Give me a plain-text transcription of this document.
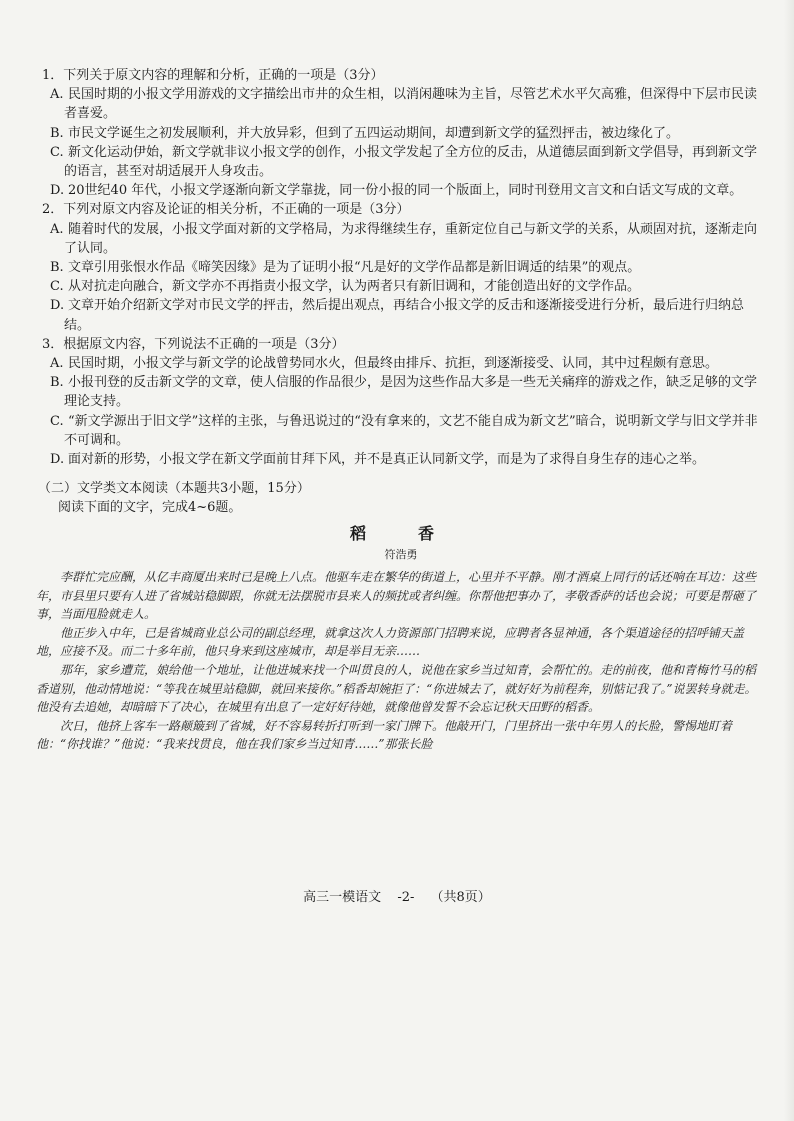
1．下列关于原文内容的理解和分析，正确的一项是（3分）

A. 民国时期的小报文学用游戏的文字描绘出市井的众生相，以消闲趣味为主旨，尽管艺术水平欠高雅，但深得中下层市民读者喜爱。

B. 市民文学诞生之初发展顺利，并大放异彩，但到了五四运动期间，却遭到新文学的猛烈抨击，被边缘化了。

C. 新文化运动伊始，新文学就非议小报文学的创作，小报文学发起了全方位的反击，从道德层面到新文学倡导，再到新文学的语言，甚至对胡适展开人身攻击。

D. 20世纪40 年代，小报文学逐渐向新文学靠拢，同一份小报的同一个版面上，同时刊登用文言文和白话文写成的文章。

2．下列对原文内容及论证的相关分析，不正确的一项是（3分）

A. 随着时代的发展，小报文学面对新的文学格局，为求得继续生存，重新定位自己与新文学的关系，从顽固对抗，逐渐走向了认同。

B. 文章引用张恨水作品《啼笑因缘》是为了证明小报“凡是好的文学作品都是新旧调适的结果”的观点。

C. 从对抗走向融合，新文学亦不再指责小报文学，认为两者只有新旧调和，才能创造出好的文学作品。

D. 文章开始介绍新文学对市民文学的抨击，然后提出观点，再结合小报文学的反击和逐渐接受进行分析，最后进行归纳总结。

3．根据原文内容，下列说法不正确的一项是（3分）

A. 民国时期，小报文学与新文学的论战曾势同水火，但最终由排斥、抗拒，到逐渐接受、认同，其中过程颇有意思。

B. 小报刊登的反击新文学的文章，使人信服的作品很少，是因为这些作品大多是一些无关痛痒的游戏之作，缺乏足够的文学理论支持。

C. “新文学源出于旧文学”这样的主张，与鲁迅说过的“没有拿来的，文艺不能自成为新文艺”暗合，说明新文学与旧文学并非不可调和。

D. 面对新的形势，小报文学在新文学面前甘拜下风，并不是真正认同新文学，而是为了求得自身生存的违心之举。

（二）文学类文本阅读（本题共3小题，15分）

阅读下面的文字，完成4~6题。

稻　香

符浩勇

李群忙完应酬，从亿丰商厦出来时已是晚上八点。他驱车走在繁华的街道上，心里并不平静。刚才酒桌上同行的话还响在耳边：这些年，市县里只要有人进了省城站稳脚跟，你就无法摆脱市县来人的频扰或者纠缠。你帮他把事办了，孝敬香萨的话也会说；可要是帮砸了事，当面甩脸就走人。

他正步入中年，已是省城商业总公司的副总经理，就拿这次人力资源部门招聘来说，应聘者各显神通，各个渠道途径的招呼铺天盖地，应接不及。而二十多年前，他只身来到这座城市，却是举目无亲……

那年，家乡遭荒，娘给他一个地址，让他进城来找一个叫贯良的人，说他在家乡当过知青，会帮忙的。走的前夜，他和青梅竹马的稻香道别，他动情地说：“等我在城里站稳脚，就回来接你。”稻香却婉拒了：“你进城去了，就好好为前程奔，别惦记我了。”说罢转身就走。他没有去追她，却暗暗下了决心，在城里有出息了一定好好待她，就像他曾发誓不会忘记秋天田野的稻香。

次日，他挤上客车一路颠簸到了省城，好不容易转折打听到一家门牌下。他敲开门，门里挤出一张中年男人的长脸，警惕地盯着他：“你找谁？”他说：“我来找贯良，他在我们家乡当过知青……”那张长脸

高三一模语文 -2- （共8页）
